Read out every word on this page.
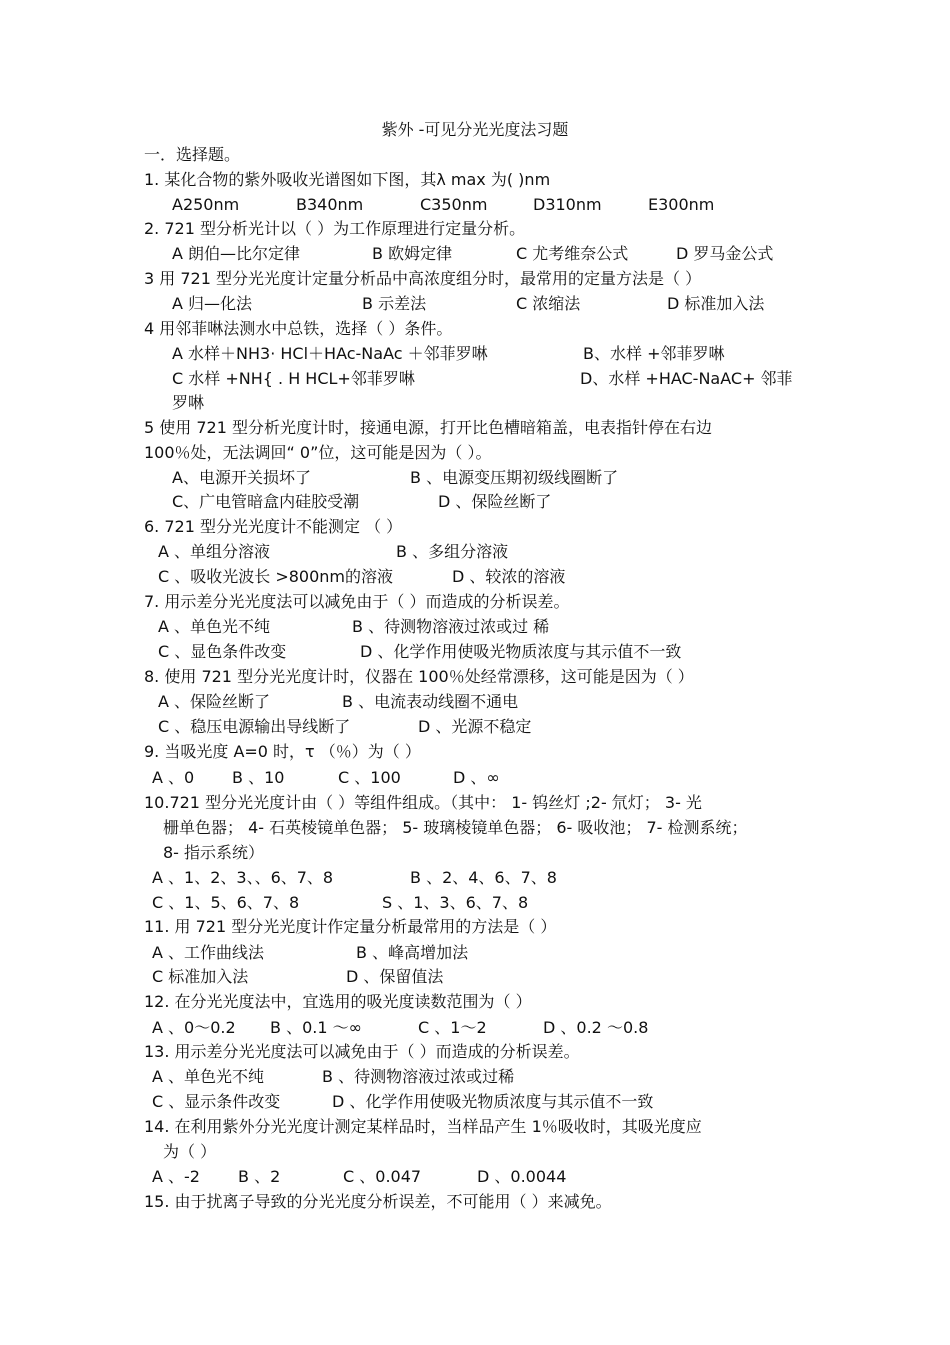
紫外 -可见分光光度法习题
一．选择题。
1. 某化合物的紫外吸收光谱图如下图，其λ max 为( )nm
A250nm	B340nm	C350nm	D310nm	E300nm
2. 721 型分析光计以（ ）为工作原理进行定量分析。
A 朗伯—比尔定律	B 欧姆定律	C 尤考维奈公式	D 罗马金公式
3 用 721 型分光光度计定量分析品中高浓度组分时，最常用的定量方法是（ ）
A 归—化法	B 示差法	C 浓缩法	D 标准加入法
4 用邻菲啉法测水中总铁，选择（ ）条件。
A 水样＋NH3· HCl＋HAc-NaAc ＋邻菲罗啉	B、水样 +邻菲罗啉
C 水样 +NH{ . H HCL+邻菲罗啉	D、水样 +HAC-NaAC+ 邻菲
罗啉
5 使用 721 型分析光度计时，接通电源，打开比色槽暗箱盖，电表指针停在右边
100％处，无法调回“ 0”位，这可能是因为（ ）。
A、电源开关损坏了	B 、电源变压期初级线圈断了
C、广电管暗盒内硅胶受潮	D 、保险丝断了
6. 721 型分光光度计不能测定 （ ）
A 、单组分溶液	B 、多组分溶液
C 、吸收光波长 >800nm的溶液	D 、较浓的溶液
7. 用示差分光光度法可以减免由于（ ）而造成的分析误差。
A 、单色光不纯	B 、待测物溶液过浓或过 稀
C 、显色条件改变	D 、化学作用使吸光物质浓度与其示值不一致
8. 使用 721 型分光光度计时，仪器在 100％处经常漂移，这可能是因为（ ）
A 、保险丝断了	B 、电流表动线圈不通电
C 、稳压电源输出导线断了	D 、光源不稳定
9. 当吸光度 A=0 时，τ （％）为（ ）
A 、0 B 、10	C 、100	D 、∞
10.721 型分光光度计由（ ）等组件组成。（其中： 1- 钨丝灯 ;2- 氘灯； 3- 光
栅单色器； 4- 石英棱镜单色器； 5- 玻璃棱镜单色器； 6- 吸收池； 7- 检测系统；
8- 指示系统）
A 、1、2、3、、6、7、8	B 、2、4、6、7、8
C 、1、5、6、7、8	S 、1、3、6、7、8
11. 用 721 型分光光度计作定量分析最常用的方法是（ ）
A 、工作曲线法	B 、峰高增加法
C 标准加入法	D 、保留值法
12. 在分光光度法中，宜选用的吸光度读数范围为（ ）
A 、0～0.2 B 、0.1 ～∞	C 、1～2	D 、0.2 ～0.8
13. 用示差分光光度法可以减免由于（ ）而造成的分析误差。
A 、单色光不纯	B 、待测物溶液过浓或过稀
C 、显示条件改变	D 、化学作用使吸光物质浓度与其示值不一致
14. 在利用紫外分光光度计测定某样品时，当样品产生 1％吸收时，其吸光度应
为（ ）
A 、-2 B 、2	C 、0.047	D 、0.0044
15. 由于扰离子导致的分光光度分析误差，不可能用（ ）来减免。
